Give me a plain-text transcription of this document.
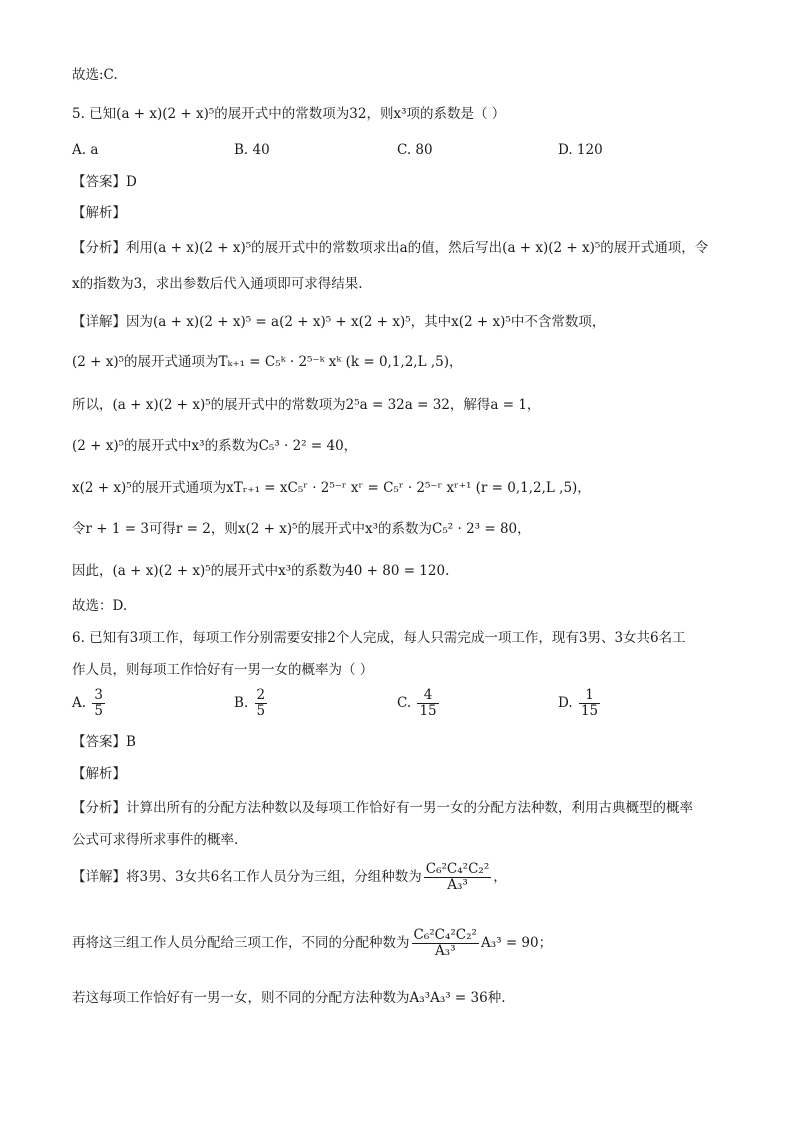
故选:C.
5. 已知(a + x)(2 + x)⁵的展开式中的常数项为32，则x³项的系数是（ ）
A. a	B. 40	C. 80	D. 120
【答案】D
【解析】
【分析】利用(a + x)(2 + x)⁵的展开式中的常数项求出a的值，然后写出(a + x)(2 + x)⁵的展开式通项，令
x的指数为3，求出参数后代入通项即可求得结果.
【详解】因为(a + x)(2 + x)⁵ = a(2 + x)⁵ + x(2 + x)⁵，其中x(2 + x)⁵中不含常数项，
(2 + x)⁵的展开式通项为Tₖ₊₁ = C₅ᵏ · 2⁵⁻ᵏ xᵏ (k = 0,1,2,L ,5)，
所以，(a + x)(2 + x)⁵的展开式中的常数项为2⁵a = 32a = 32，解得a = 1，
(2 + x)⁵的展开式中x³的系数为C₅³ · 2² = 40，
x(2 + x)⁵的展开式通项为xTᵣ₊₁ = xC₅ʳ · 2⁵⁻ʳ xʳ = C₅ʳ · 2⁵⁻ʳ xʳ⁺¹ (r = 0,1,2,L ,5)，
令r + 1 = 3可得r = 2，则x(2 + x)⁵的展开式中x³的系数为C₅² · 2³ = 80，
因此，(a + x)(2 + x)⁵的展开式中x³的系数为40 + 80 = 120.
故选：D.
6. 已知有3项工作，每项工作分别需要安排2个人完成，每人只需完成一项工作，现有3男、3女共6名工
作人员，则每项工作恰好有一男一女的概率为（ ）
A. $\frac{3}{5}$	B. $\frac{2}{5}$	C. $\frac{4}{15}$	D. $\frac{1}{15}$
【答案】B
【解析】
【分析】计算出所有的分配方法种数以及每项工作恰好有一男一女的分配方法种数，利用古典概型的概率
公式可求得所求事件的概率.
【详解】将3男、3女共6名工作人员分为三组，分组种数为 $\frac{\text{C₆²C₄²C₂²}}{\text{A₃³}}$ ，
再将这三组工作人员分配给三项工作，不同的分配种数为 $\frac{\text{C₆²C₄²C₂²}}{\text{A₃³}} A_3^3 = 90$；
若这每项工作恰好有一男一女，则不同的分配方法种数为A₃³A₃³ = 36种.
